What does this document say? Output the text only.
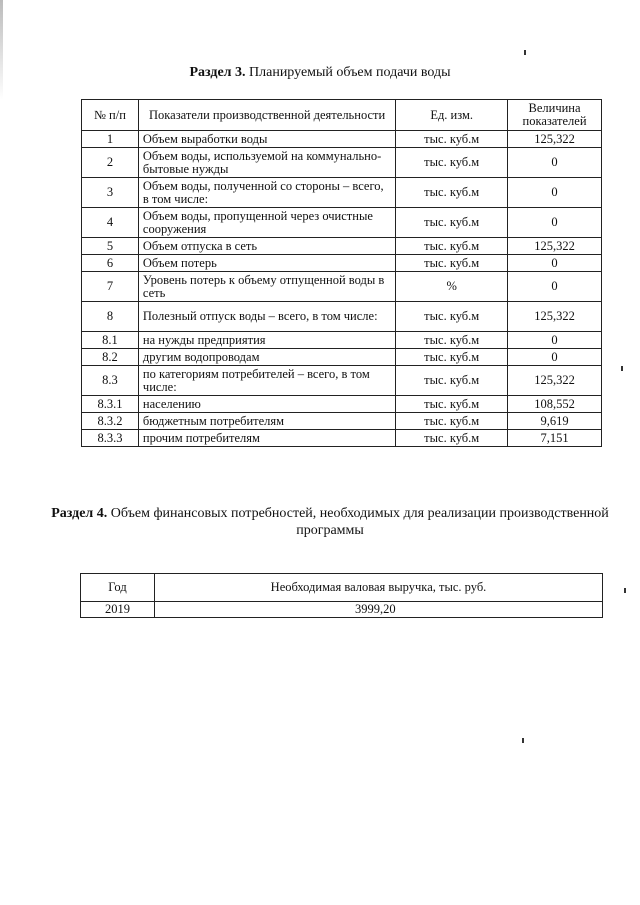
Раздел 3. Планируемый объем подачи воды
№ п/п	Показатели производственной деятельности	Ед. изм.	Величина показателей
1	Объем выработки воды	тыс. куб.м	125,322
2	Объем воды, используемой на коммунально-бытовые нужды	тыс. куб.м	0
3	Объем воды, полученной со стороны – всего, в том числе:	тыс. куб.м	0
4	Объем воды, пропущенной через очистные сооружения	тыс. куб.м	0
5	Объем отпуска в сеть	тыс. куб.м	125,322
6	Объем потерь	тыс. куб.м	0
7	Уровень потерь к объему отпущенной воды в сеть	%	0
8	Полезный отпуск воды – всего, в том числе:	тыс. куб.м	125,322
8.1	на нужды предприятия	тыс. куб.м	0
8.2	другим водопроводам	тыс. куб.м	0
8.3	по категориям потребителей – всего, в том числе:	тыс. куб.м	125,322
8.3.1	населению	тыс. куб.м	108,552
8.3.2	бюджетным потребителям	тыс. куб.м	9,619
8.3.3	прочим потребителям	тыс. куб.м	7,151
Раздел 4. Объем финансовых потребностей, необходимых для реализации производственной программы
Год	Необходимая валовая выручка, тыс. руб.
2019	3999,20
